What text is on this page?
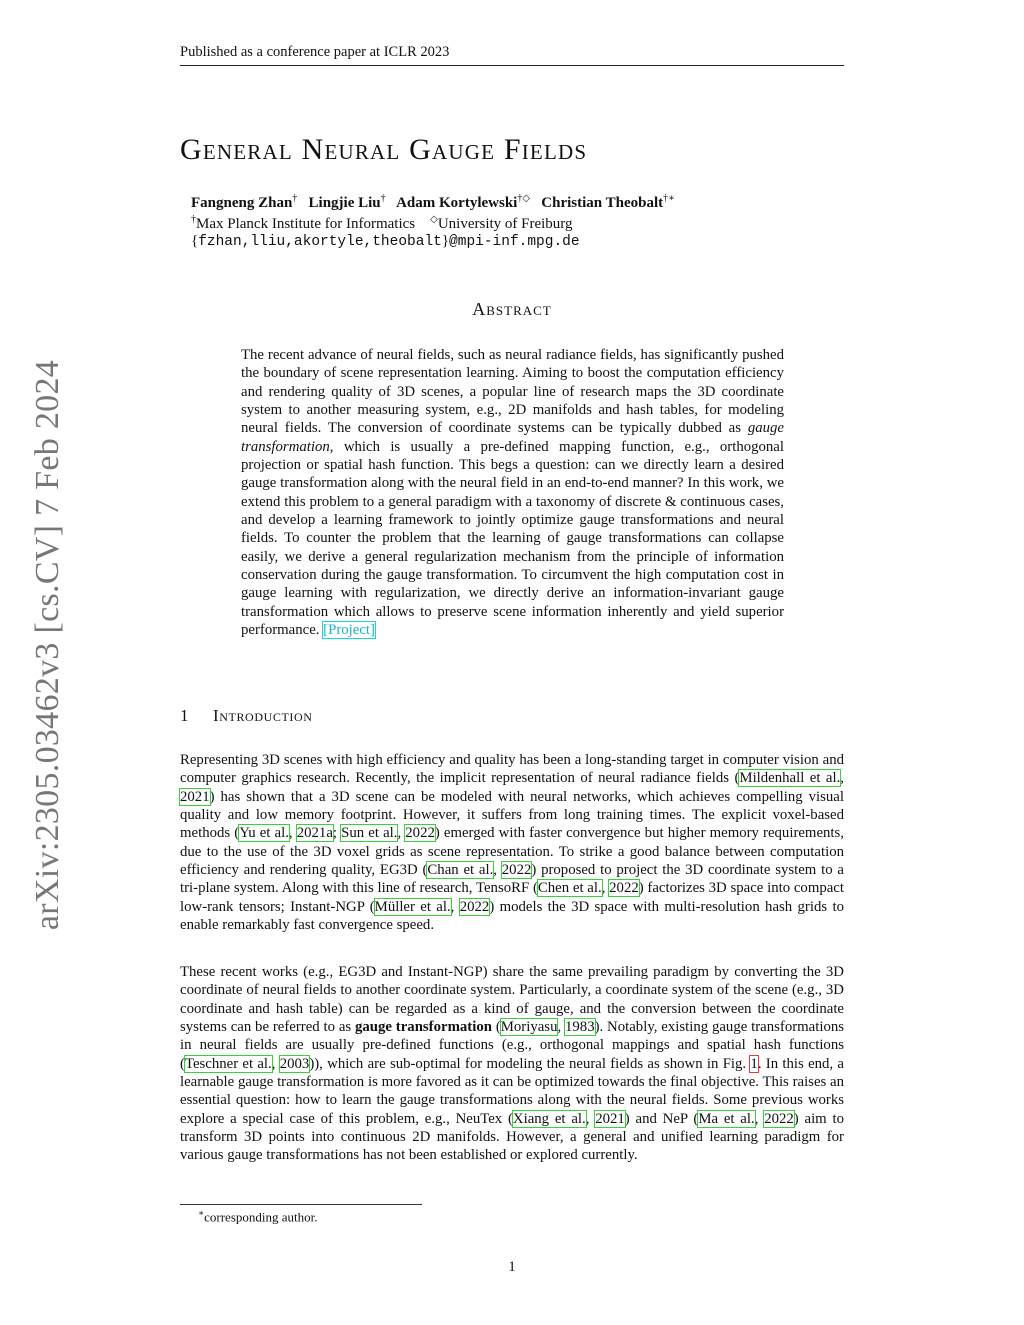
Published as a conference paper at ICLR 2023
arXiv:2305.03462v3 [cs.CV] 7 Feb 2024
General Neural Gauge Fields
Fangneng Zhan† Lingjie Liu† Adam Kortylewski†◇ Christian Theobalt†∗
†Max Planck Institute for Informatics ◇University of Freiburg
{fzhan,lliu,akortyle,theobalt}@mpi-inf.mpg.de
Abstract
The recent advance of neural fields, such as neural radiance fields, has significantly pushed the boundary of scene representation learning. Aiming to boost the computation efficiency and rendering quality of 3D scenes, a popular line of research maps the 3D coordinate system to another measuring system, e.g., 2D manifolds and hash tables, for modeling neural fields. The conversion of coordinate systems can be typically dubbed as gauge transformation, which is usually a pre-defined mapping function, e.g., orthogonal projection or spatial hash function. This begs a question: can we directly learn a desired gauge transformation along with the neural field in an end-to-end manner? In this work, we extend this problem to a general paradigm with a taxonomy of discrete & continuous cases, and develop a learning framework to jointly optimize gauge transformations and neural fields. To counter the problem that the learning of gauge transformations can collapse easily, we derive a general regularization mechanism from the principle of information conservation during the gauge transformation. To circumvent the high computation cost in gauge learning with regularization, we directly derive an information-invariant gauge transformation which allows to preserve scene information inherently and yield superior performance. [Project]
1 Introduction
Representing 3D scenes with high efficiency and quality has been a long-standing target in computer vision and computer graphics research. Recently, the implicit representation of neural radiance fields (Mildenhall et al., 2021) has shown that a 3D scene can be modeled with neural networks, which achieves compelling visual quality and low memory footprint. However, it suffers from long training times. The explicit voxel-based methods (Yu et al., 2021a; Sun et al., 2022) emerged with faster convergence but higher memory requirements, due to the use of the 3D voxel grids as scene representation. To strike a good balance between computation efficiency and rendering quality, EG3D (Chan et al., 2022) proposed to project the 3D coordinate system to a tri-plane system. Along with this line of research, TensoRF (Chen et al., 2022) factorizes 3D space into compact low-rank tensors; Instant-NGP (Müller et al., 2022) models the 3D space with multi-resolution hash grids to enable remarkably fast convergence speed.
These recent works (e.g., EG3D and Instant-NGP) share the same prevailing paradigm by converting the 3D coordinate of neural fields to another coordinate system. Particularly, a coordinate system of the scene (e.g., 3D coordinate and hash table) can be regarded as a kind of gauge, and the conversion between the coordinate systems can be referred to as gauge transformation (Moriyasu, 1983). Notably, existing gauge transformations in neural fields are usually pre-defined functions (e.g., orthogonal mappings and spatial hash functions (Teschner et al., 2003)), which are sub-optimal for modeling the neural fields as shown in Fig. 1. In this end, a learnable gauge transformation is more favored as it can be optimized towards the final objective. This raises an essential question: how to learn the gauge transformations along with the neural fields. Some previous works explore a special case of this problem, e.g., NeuTex (Xiang et al., 2021) and NeP (Ma et al., 2022) aim to transform 3D points into continuous 2D manifolds. However, a general and unified learning paradigm for various gauge transformations has not been established or explored currently.
∗corresponding author.
1
